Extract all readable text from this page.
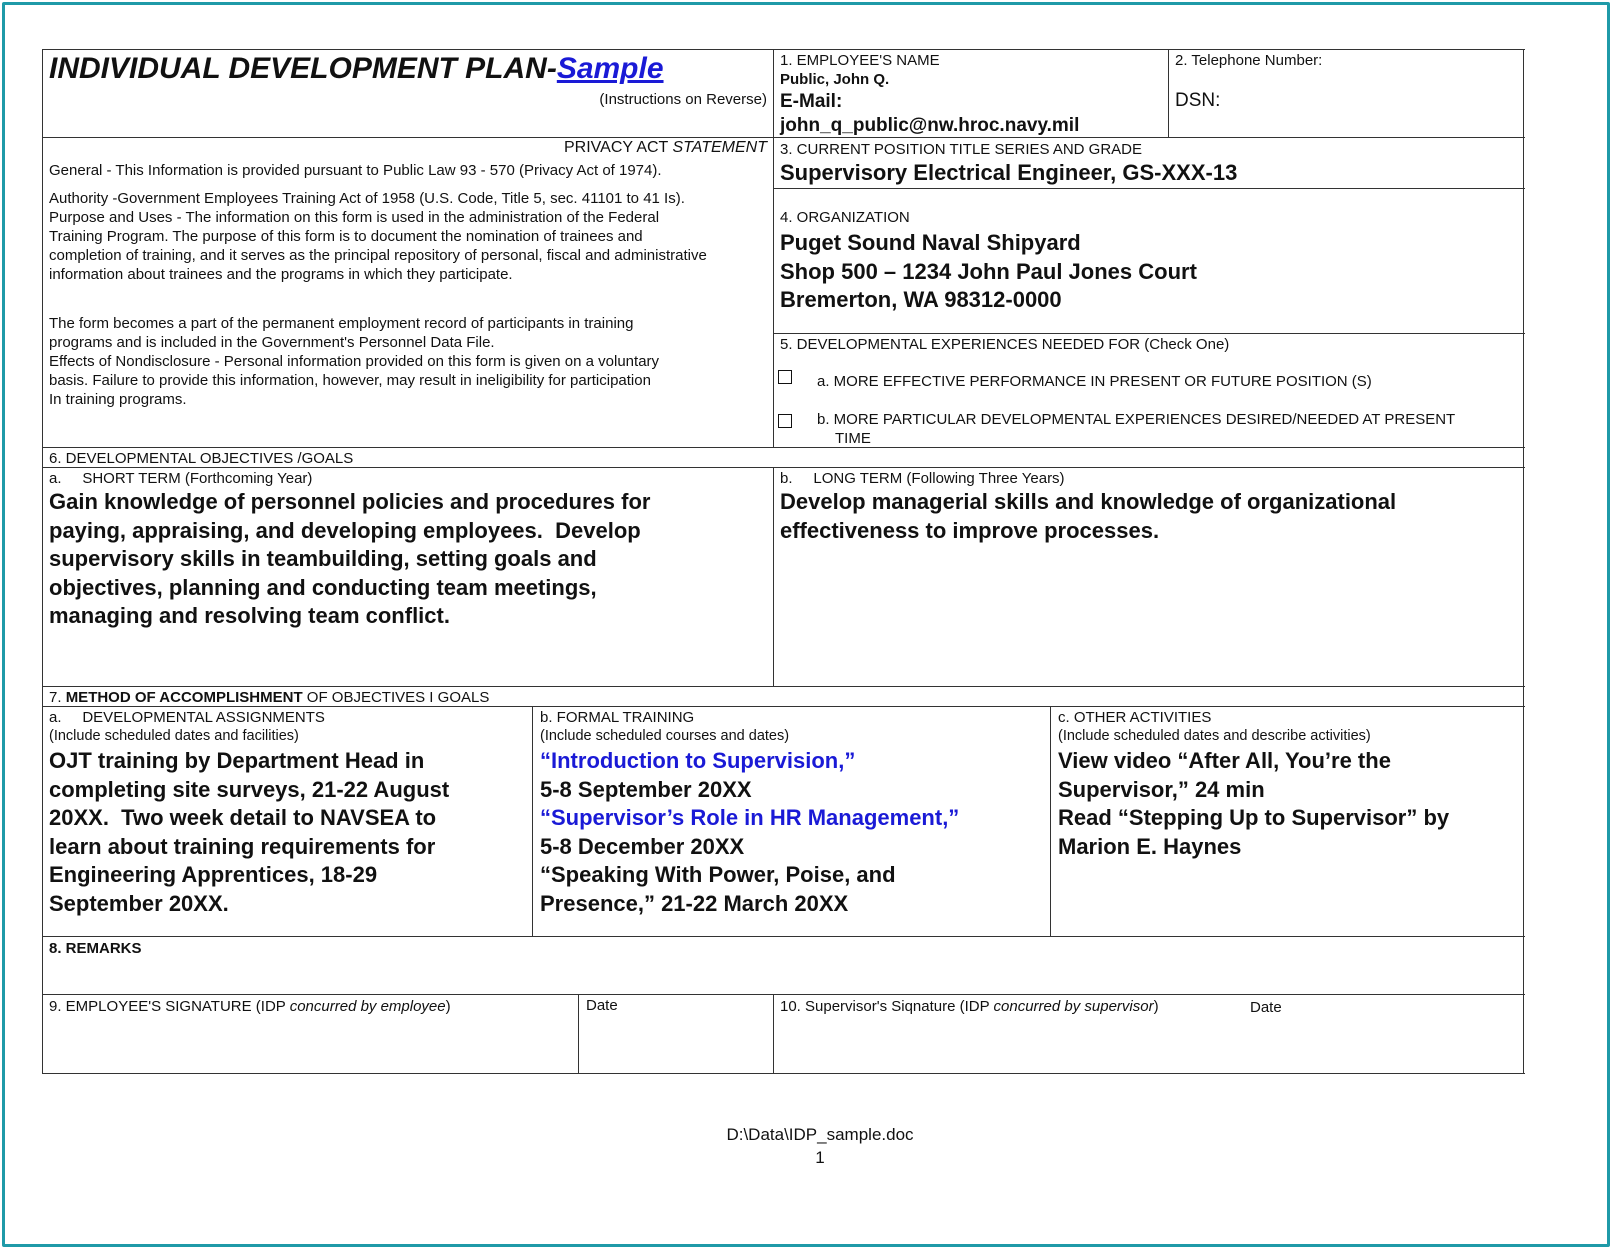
INDIVIDUAL DEVELOPMENT PLAN-Sample
(Instructions on Reverse)
1. EMPLOYEE'S NAME
Public, John Q.
E-Mail:
john_q_public@nw.hroc.navy.mil
2. Telephone Number:
DSN:
PRIVACY ACT STATEMENT
General - This Information is provided pursuant to Public Law 93 - 570 (Privacy Act of 1974).
Authority -Government Employees Training Act of 1958 (U.S. Code, Title 5, sec. 41101 to 41 Is).
Purpose and Uses - The information on this form is used in the administration of the Federal
Training Program. The purpose of this form is to document the nomination of trainees and
completion of training, and it serves as the principal repository of personal, fiscal and administrative
information about trainees and the programs in which they participate.
The form becomes a part of the permanent employment record of participants in training
programs and is included in the Government's Personnel Data File.
Effects of Nondisclosure - Personal information provided on this form is given on a voluntary
basis. Failure to provide this information, however, may result in ineligibility for participation
In training programs.
3. CURRENT POSITION TITLE SERIES AND GRADE
Supervisory Electrical Engineer, GS-XXX-13
4. ORGANIZATION
Puget Sound Naval Shipyard
Shop 500 – 1234 John Paul Jones Court
Bremerton, WA 98312-0000
5. DEVELOPMENTAL EXPERIENCES NEEDED FOR (Check One)
a. MORE EFFECTIVE PERFORMANCE IN PRESENT OR FUTURE POSITION (S)
b. MORE PARTICULAR DEVELOPMENTAL EXPERIENCES DESIRED/NEEDED AT PRESENT
TIME
6. DEVELOPMENTAL OBJECTIVES /GOALS
a.     SHORT TERM (Forthcoming Year)
Gain knowledge of personnel policies and procedures for
paying, appraising, and developing employees.  Develop
supervisory skills in teambuilding, setting goals and
objectives, planning and conducting team meetings,
managing and resolving team conflict.
b.     LONG TERM (Following Three Years)
Develop managerial skills and knowledge of organizational
effectiveness to improve processes.
7. METHOD OF ACCOMPLISHMENT OF OBJECTIVES I GOALS
a.     DEVELOPMENTAL ASSIGNMENTS
(Include scheduled dates and facilities)
OJT training by Department Head in
completing site surveys, 21-22 August
20XX.  Two week detail to NAVSEA to
learn about training requirements for
Engineering Apprentices, 18-29
September 20XX.
b. FORMAL TRAINING
(Include scheduled courses and dates)
“Introduction to Supervision,”
5-8 September 20XX
“Supervisor’s Role in HR Management,”
5-8 December 20XX
“Speaking With Power, Poise, and
Presence,” 21-22 March 20XX
c. OTHER ACTIVITIES
(Include scheduled dates and describe activities)
View video “After All, You’re the
Supervisor,” 24 min
Read “Stepping Up to Supervisor” by
Marion E. Haynes
8. REMARKS
9. EMPLOYEE'S SIGNATURE (IDP concurred by employee)	Date	10. Supervisor's Siqnature (IDP concurred by supervisor)	Date
D:\Data\IDP_sample.doc
1
